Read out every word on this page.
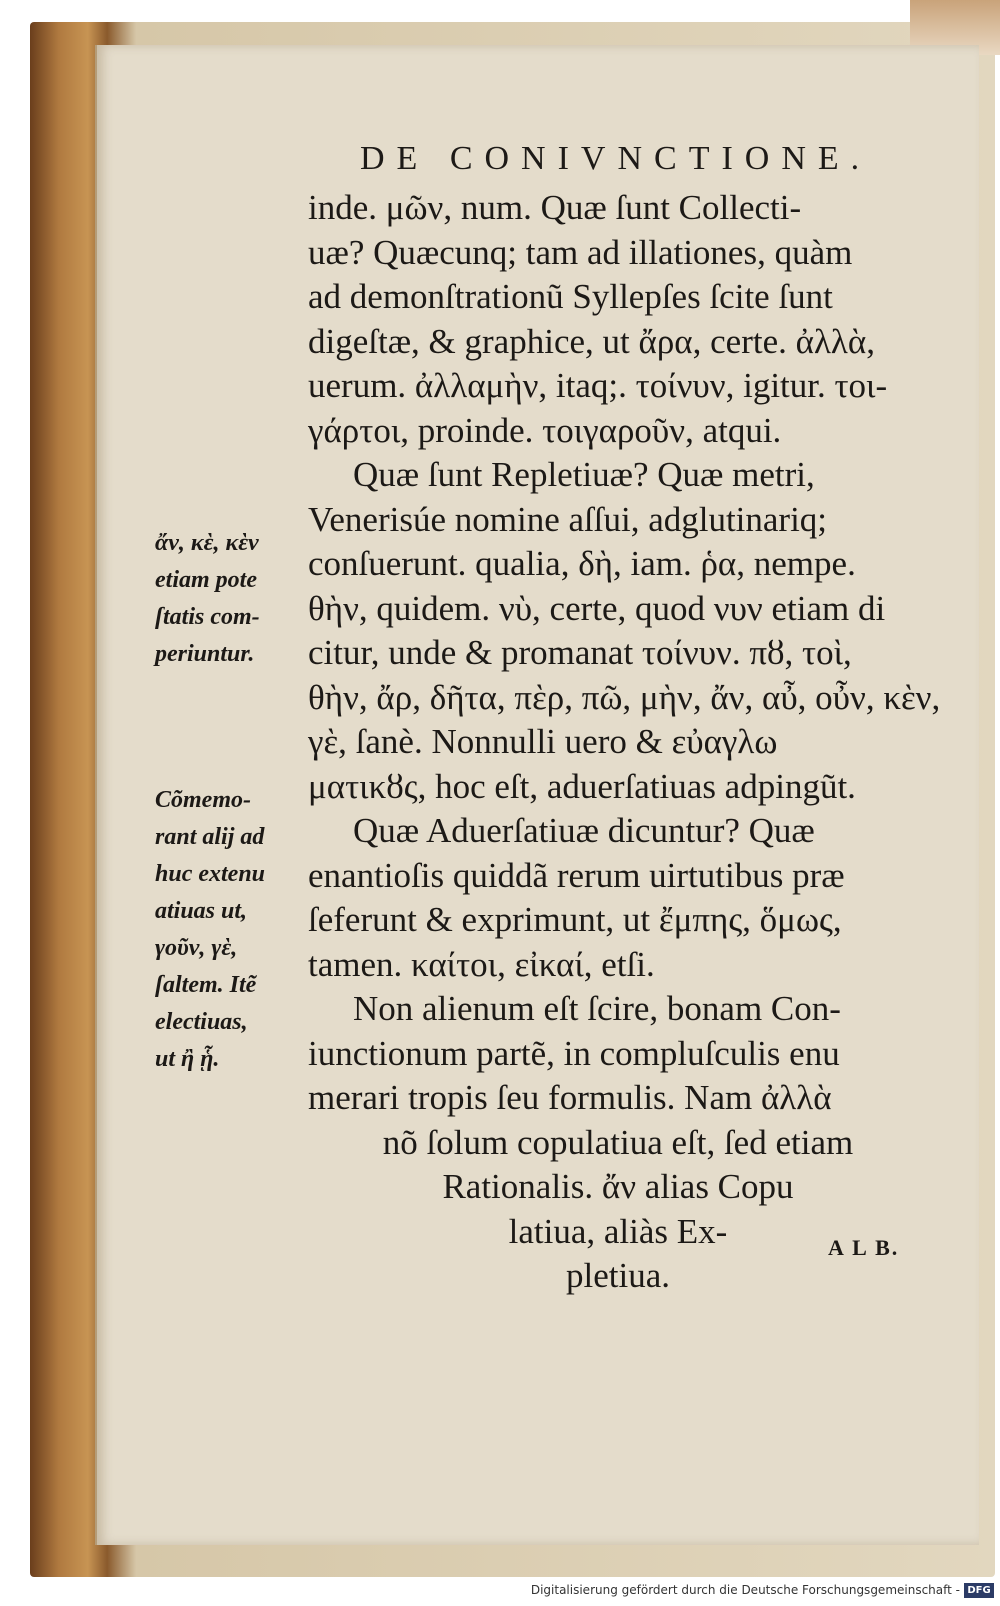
DE CONIVNCTIONE.
inde. μῶν, num. Quæ ſunt Collecti-
uæ? Quæcunq; tam ad illationes, quàm
ad demonſtrationũ Syllepſes ſcite ſunt
digeſtæ, & graphice, ut ἄρα, certe. ἀλλὰ,
uerum. ἀλλαμὴν, itaq;. τοίνυν, igitur. τοι-
γάρτοι, proinde. τοιγαροῦν, atqui.
Quæ ſunt Repletiuæ? Quæ metri,
Venerisúe nomine aſſui, adglutinariq;
conſuerunt. qualia, δὴ, iam. ῥα, nempe.
θὴν, quidem. νὺ, certe, quod νυν etiam di
citur, unde & promanat τοίνυν. πȣ, τοὶ,
θὴν, ἄρ, δῆτα, πὲρ, πῶ, μὴν, ἄν, αὖ, οὖν, κὲν,
γὲ, ſanè. Nonnulli uero & εὐαγλω
ματικȣς, hoc eſt, aduerſatiuas adpingũt.
Quæ Aduerſatiuæ dicuntur? Quæ
enantioſis quiddã rerum uirtutibus præ
ſeferunt & exprimunt, ut ἔμπης, ὅμως,
tamen. καίτοι, εἰκαί, etſi.
Non alienum eſt ſcire, bonam Con-
iunctionum partẽ, in compluſculis enu
merari tropis ſeu formulis. Nam ἀλλὰ
nõ ſolum copulatiua eſt, ſed etiam
Rationalis. ἄν alias Copu
latiua, aliàs Ex-
pletiua.
ἄν, κὲ, κὲν
etiam pote
ſtatis com-
periuntur.
Cõmemo-
rant alij ad
huc extenu
atiuas ut,
γοῦν, γὲ,
ſaltem. Itẽ
electiuas,
ut ἢ ᾗ.
A L B.
Digitalisierung gefördert durch die Deutsche Forschungsgemeinschaft - DFG
